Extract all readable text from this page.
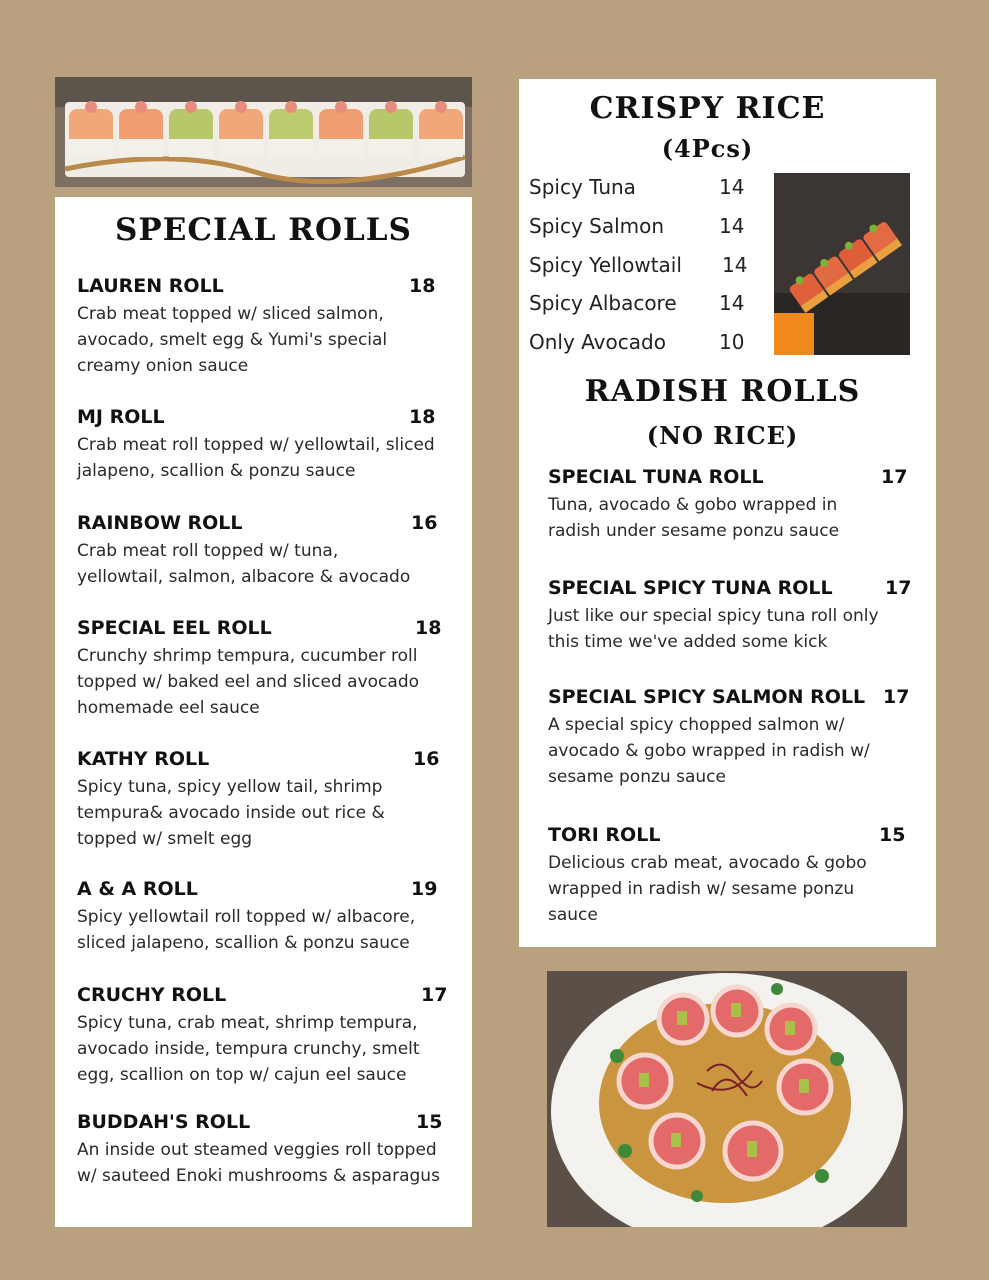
SPECIAL ROLLS
LAUREN ROLL	18
Crab meat topped w/ sliced salmon,
avocado, smelt egg & Yumi's special
creamy onion sauce
MJ ROLL	18
Crab meat roll topped w/ yellowtail, sliced
jalapeno, scallion & ponzu sauce
RAINBOW ROLL	16
Crab meat roll topped w/ tuna,
yellowtail, salmon, albacore & avocado
SPECIAL EEL ROLL	18
Crunchy shrimp tempura, cucumber roll
topped w/ baked eel and sliced avocado
homemade eel sauce
KATHY ROLL	16
Spicy tuna, spicy yellow tail, shrimp
tempura& avocado inside out rice &
topped w/ smelt egg
A & A ROLL	19
Spicy yellowtail roll topped w/ albacore,
sliced jalapeno, scallion & ponzu sauce
CRUCHY ROLL	17
Spicy tuna, crab meat, shrimp tempura,
avocado inside, tempura crunchy, smelt
egg, scallion on top w/ cajun eel sauce
BUDDAH'S ROLL	15
An inside out steamed veggies roll topped
w/ sauteed Enoki mushrooms & asparagus
CRISPY RICE
(4Pcs)
Spicy Tuna	14
Spicy Salmon	14
Spicy Yellowtail 14
Spicy Albacore 14
Only Avocado	10
RADISH ROLLS
(NO RICE)
SPECIAL TUNA ROLL	17
Tuna, avocado & gobo wrapped in
radish under sesame ponzu sauce
SPECIAL SPICY TUNA ROLL	17
Just like our special spicy tuna roll only
this time we've added some kick
SPECIAL SPICY SALMON ROLL 17
A special spicy chopped salmon w/
avocado & gobo wrapped in radish w/
sesame ponzu sauce
TORI ROLL	15
Delicious crab meat, avocado & gobo
wrapped in radish w/ sesame ponzu
sauce
